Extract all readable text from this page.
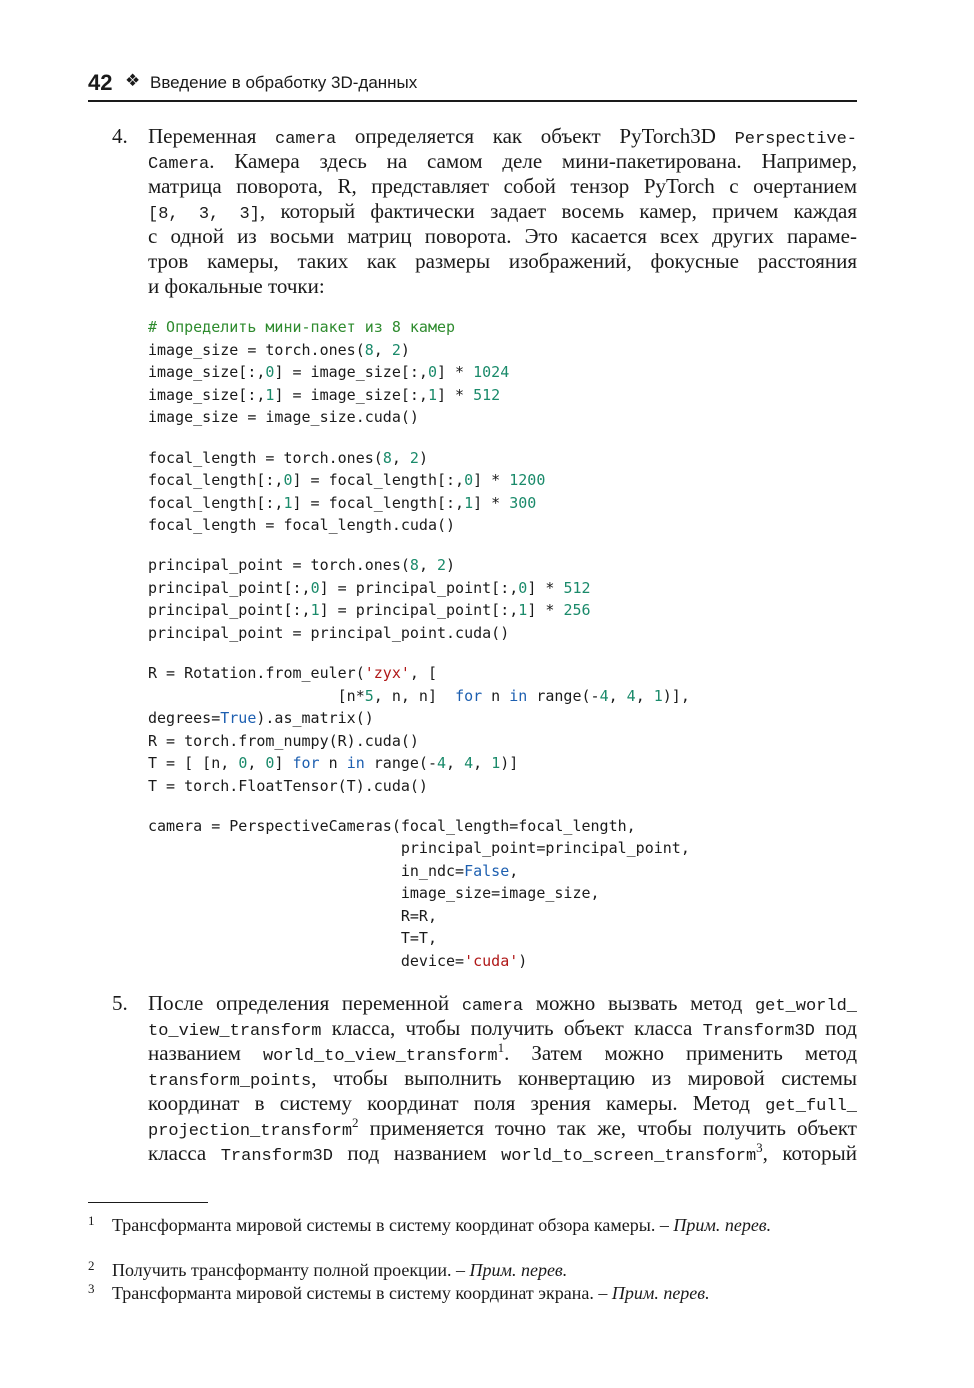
42 ❖ Введение в обработку 3D-данных
4. Переменная camera определяется как объект PyTorch3D Perspective-
Camera. Камера здесь на самом деле мини-пакетирована. Например,
матрица поворота, R, представляет собой тензор PyTorch с очертанием
[8, 3, 3], который фактически задает восемь камер, причем каждая
с одной из восьми матриц поворота. Это касается всех других параме-
тров камеры, таких как размеры изображений, фокусные расстояния
и фокальные точки:
# Определить мини-пакет из 8 камер
image_size = torch.ones(8, 2)
image_size[:,0] = image_size[:,0] * 1024
image_size[:,1] = image_size[:,1] * 512
image_size = image_size.cuda()
focal_length = torch.ones(8, 2)
focal_length[:,0] = focal_length[:,0] * 1200
focal_length[:,1] = focal_length[:,1] * 300
focal_length = focal_length.cuda()
principal_point = torch.ones(8, 2)
principal_point[:,0] = principal_point[:,0] * 512
principal_point[:,1] = principal_point[:,1] * 256
principal_point = principal_point.cuda()
R = Rotation.from_euler('zyx', [
[n*5, n, n]  for n in range(-4, 4, 1)],
degrees=True).as_matrix()
R = torch.from_numpy(R).cuda()
T = [ [n, 0, 0] for n in range(-4, 4, 1)]
T = torch.FloatTensor(T).cuda()
camera = PerspectiveCameras(focal_length=focal_length,
principal_point=principal_point,
in_ndc=False,
image_size=image_size,
R=R,
T=T,
device='cuda')
5. После определения переменной camera можно вызвать метод get_world_
to_view_transform класса, чтобы получить объект класса Transform3D под
названием world_to_view_transform$^1$. Затем можно применить метод
transform_points, чтобы выполнить конвертацию из мировой системы
координат в систему координат поля зрения камеры. Метод get_full_
projection_transform$^2$ применяется точно так же, чтобы получить объект
класса Transform3D под названием world_to_screen_transform$^3$, который
1 Трансформанта мировой системы в систему координат обзора камеры. – Прим. перев.
2 Получить трансформанту полной проекции. – Прим. перев.
3 Трансформанта мировой системы в систему координат экрана. – Прим. перев.
